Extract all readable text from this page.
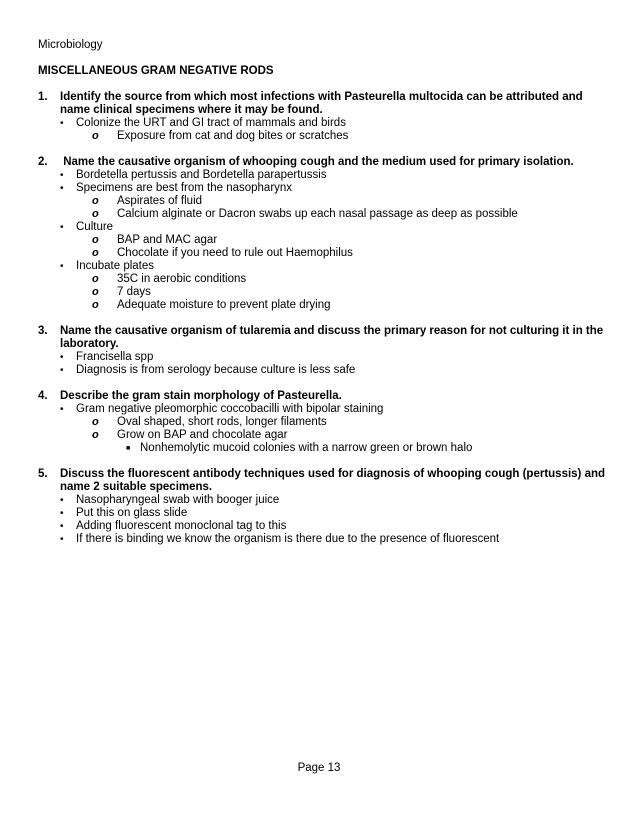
Microbiology
MISCELLANEOUS GRAM NEGATIVE RODS
1.	Identify the source from which most infections with Pasteurella multocida can be attributed and name clinical specimens where it may be found.
•	Colonize the URT and GI tract of mammals and birds
o	Exposure from cat and dog bites or scratches
2.	Name the causative organism of whooping cough and the medium used for primary isolation.
•	Bordetella pertussis and Bordetella parapertussis
•	Specimens are best from the nasopharynx
o	Aspirates of fluid
o	Calcium alginate or Dacron swabs up each nasal passage as deep as possible
•	Culture
o	BAP and MAC agar
o	Chocolate if you need to rule out Haemophilus
•	Incubate plates
o	35C in aerobic conditions
o	7 days
o	Adequate moisture to prevent plate drying
3.	Name the causative organism of tularemia and discuss the primary reason for not culturing it in the laboratory.
•	Francisella spp
•	Diagnosis is from serology because culture is less safe
4.	Describe the gram stain morphology of Pasteurella.
•	Gram negative pleomorphic coccobacilli with bipolar staining
o	Oval shaped, short rods, longer filaments
o	Grow on BAP and chocolate agar
■ Nonhemolytic mucoid colonies with a narrow green or brown halo
5.	Discuss the fluorescent antibody techniques used for diagnosis of whooping cough (pertussis) and name 2 suitable specimens.
•	Nasopharyngeal swab with booger juice
•	Put this on glass slide
•	Adding fluorescent monoclonal tag to this
•	If there is binding we know the organism is there due to the presence of fluorescent
Page 13
